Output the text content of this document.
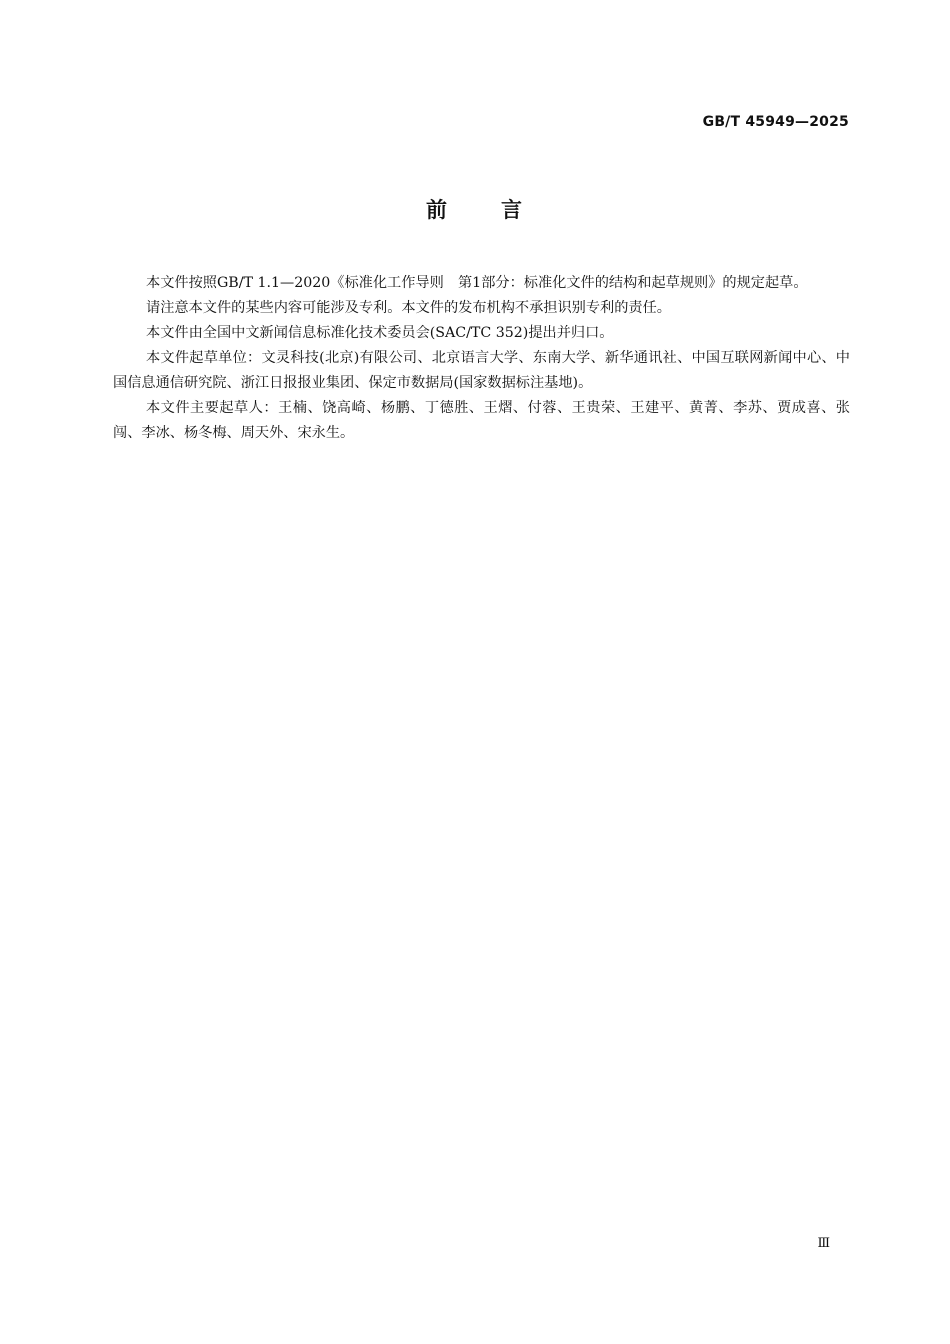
GB/T 45949—2025
前 言

本文件按照GB/T 1.1—2020《标准化工作导则　第1部分：标准化文件的结构和起草规则》的规定起草。

请注意本文件的某些内容可能涉及专利。本文件的发布机构不承担识别专利的责任。

本文件由全国中文新闻信息标准化技术委员会(SAC/TC 352)提出并归口。

本文件起草单位：文灵科技(北京)有限公司、北京语言大学、东南大学、新华通讯社、中国互联网新闻中心、中国信息通信研究院、浙江日报报业集团、保定市数据局(国家数据标注基地)。

本文件主要起草人：王楠、饶高崎、杨鹏、丁德胜、王熠、付蓉、王贵荣、王建平、黄菁、李苏、贾成喜、张闯、李冰、杨冬梅、周天外、宋永生。

Ⅲ
